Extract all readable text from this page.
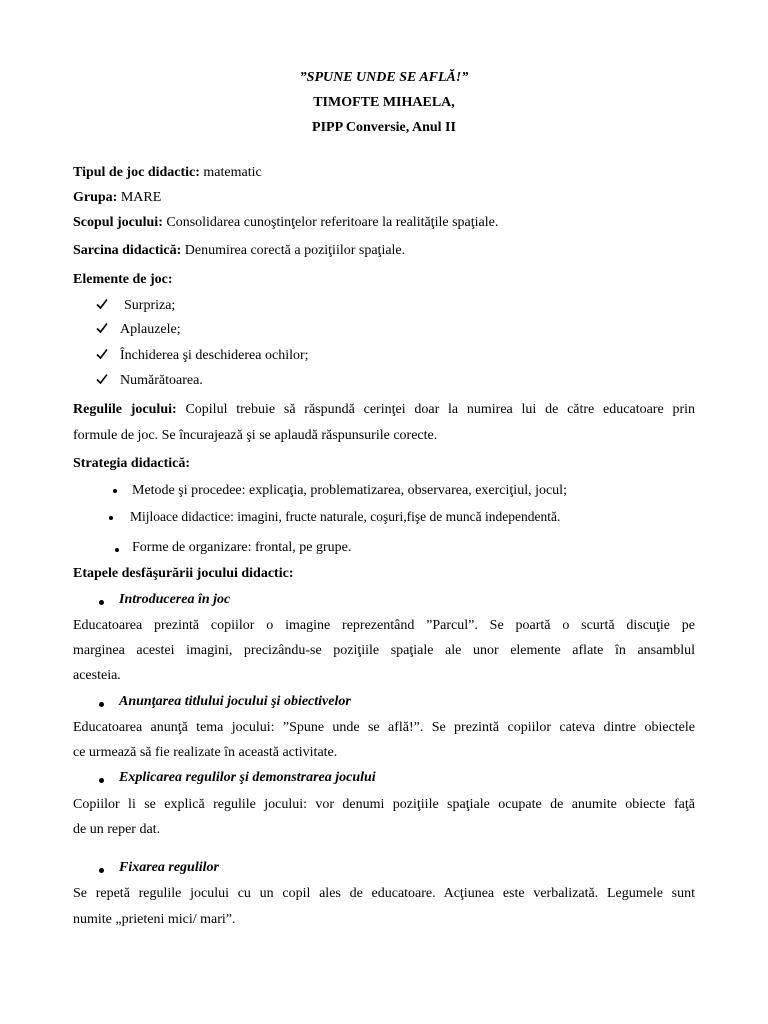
”SPUNE UNDE SE AFLĂ!”
TIMOFTE MIHAELA,
PIPP Conversie, Anul II
Tipul de joc didactic: matematic
Grupa: MARE
Scopul jocului: Consolidarea cunoştinţelor referitoare la realităţile spaţiale.
Sarcina didactică: Denumirea corectă a poziţiilor spaţiale.
Elemente de joc:
Surpriza;
Aplauzele;
Închiderea şi deschiderea ochilor;
Numărătoarea.
Regulile jocului: Copilul trebuie să răspundă cerinţei doar la numirea lui de către educatoare prin
formule de joc. Se încurajează şi se aplaudă răspunsurile corecte.
Strategia didactică:
Metode şi procedee: explicaţia, problematizarea, observarea, exerciţiul, jocul;
Mijloace didactice: imagini, fructe naturale, coşuri,fişe de muncă independentă.
Forme de organizare: frontal, pe grupe.
Etapele desfăşurării jocului didactic:
Introducerea în joc
Educatoarea prezintă copiilor o imagine reprezentând ”Parcul”. Se poartă o scurtă discuţie pe
marginea acestei imagini, precizându-se poziţiile spaţiale ale unor elemente aflate în ansamblul
acesteia.
Anunţarea titlului jocului şi obiectivelor
Educatoarea anunţă tema jocului: ”Spune unde se află!”. Se prezintă copiilor cateva dintre obiectele
ce urmează să fie realizate în această activitate.
Explicarea regulilor şi demonstrarea jocului
Copiilor li se explică regulile jocului: vor denumi poziţiile spaţiale ocupate de anumite obiecte faţă
de un reper dat.
Fixarea regulilor
Se repetă regulile jocului cu un copil ales de educatoare. Acţiunea este verbalizată. Legumele sunt
numite „prieteni mici/ mari”.
